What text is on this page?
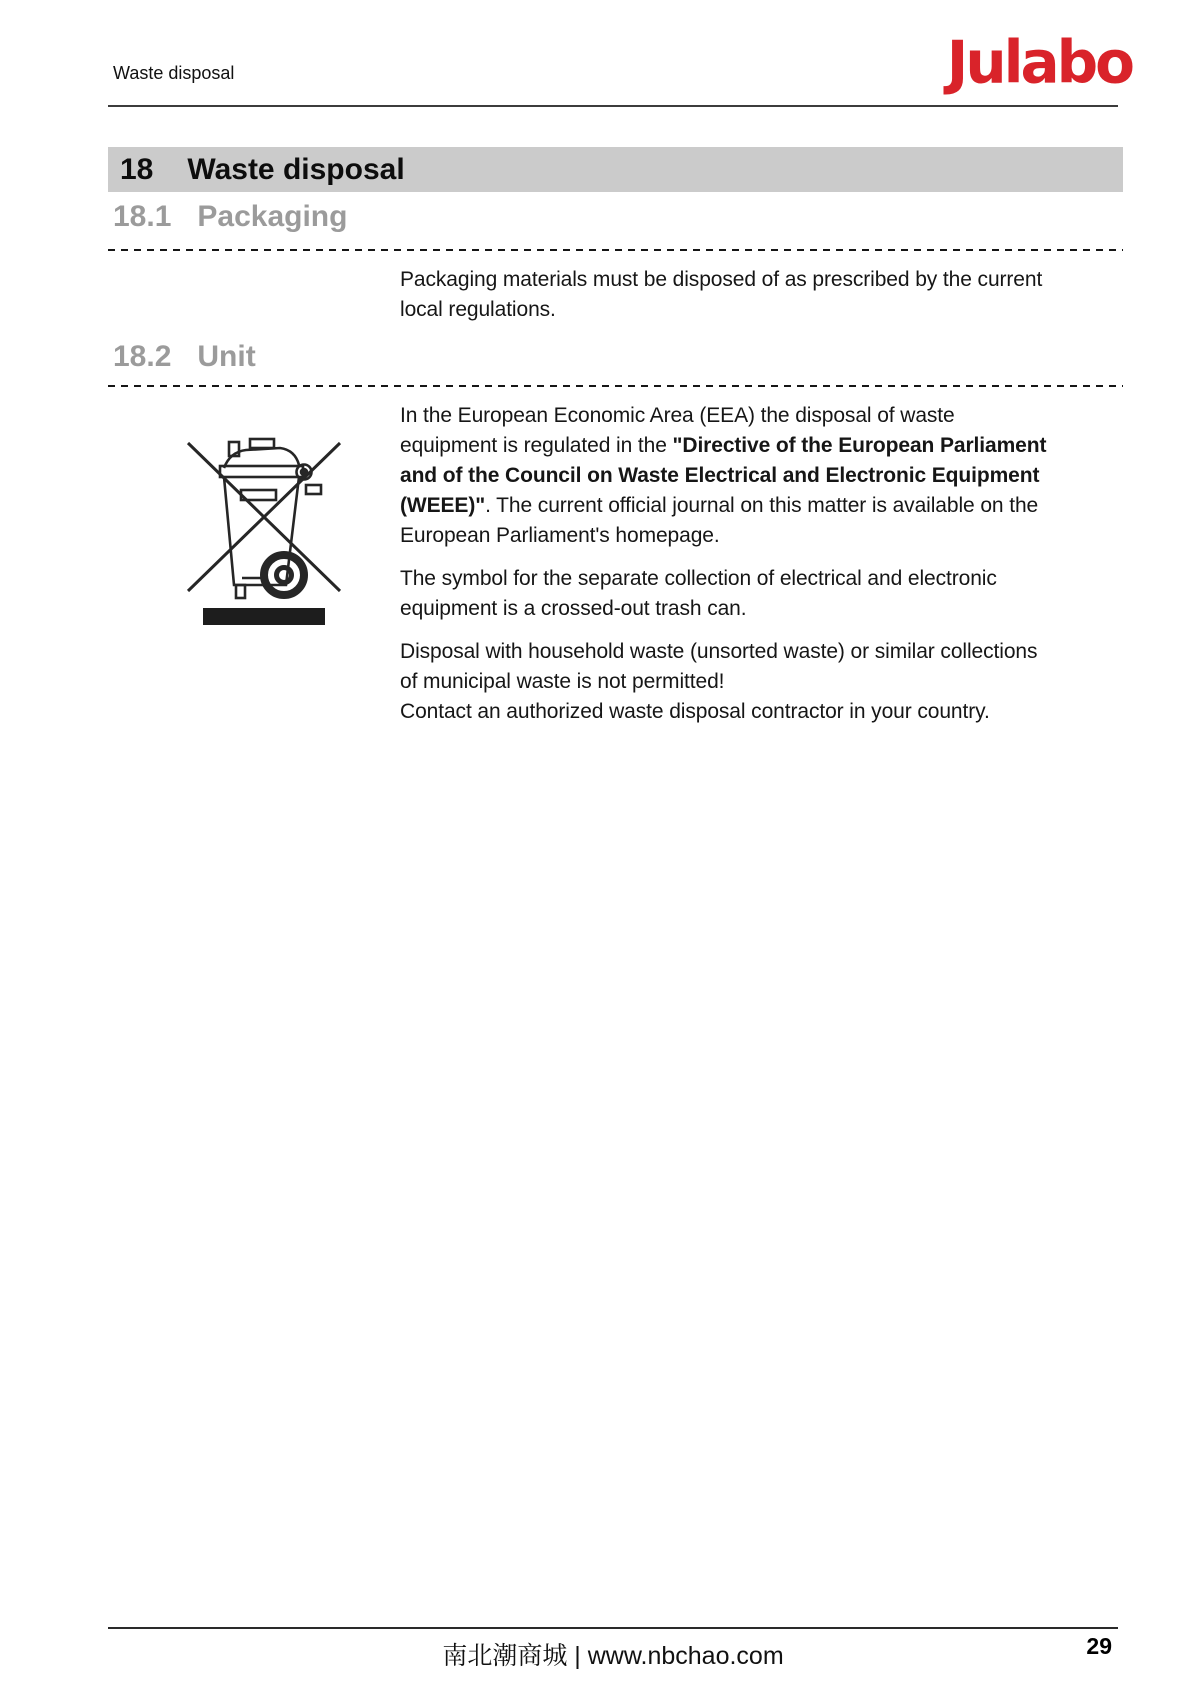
Waste disposal	Julabo
18 Waste disposal
18.1 Packaging
Packaging materials must be disposed of as prescribed by the current local regulations.
18.2 Unit

In the European Economic Area (EEA) the disposal of waste equipment is regulated in the "Directive of the European Parliament and of the Council on Waste Electrical and Electronic Equipment (WEEE)". The current official journal on this matter is available on the European Parliament's homepage.

The symbol for the separate collection of electrical and electronic equipment is a crossed-out trash can.

Disposal with household waste (unsorted waste) or similar collections of municipal waste is not permitted!
Contact an authorized waste disposal contractor in your country.

南北潮商城 | www.nbchao.com	29
